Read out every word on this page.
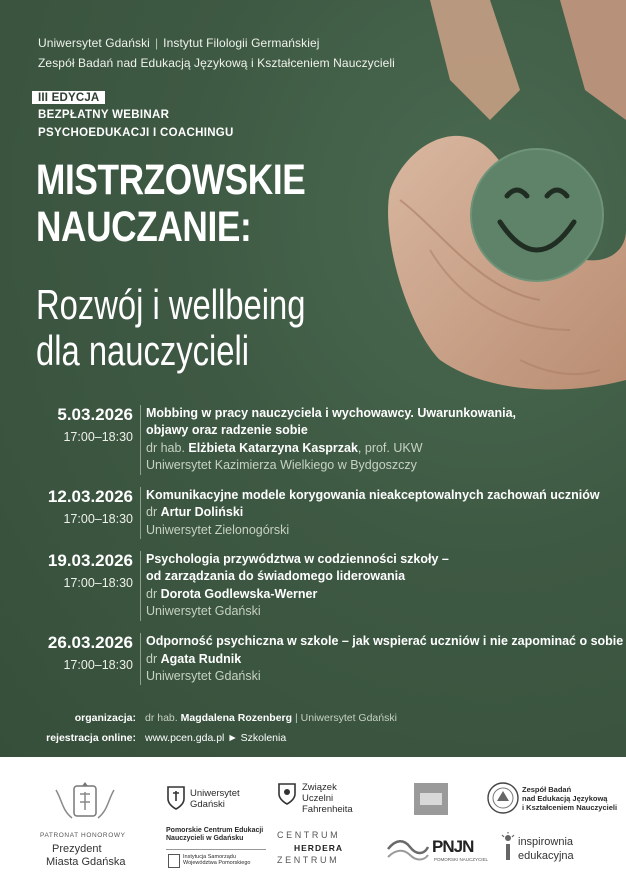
Uniwersytet Gdański | Instytut Filologii Germańskiej
Zespół Badań nad Edukacją Językową i Kształceniem Nauczycieli
III EDYCJA
BEZPŁATNY WEBINAR
PSYCHOEDUKACJI I COACHINGU
MISTRZOWSKIE
NAUCZANIE:
Rozwój i wellbeing
dla nauczycieli
5.03.2026
17:00–18:30
Mobbing w pracy nauczyciela i wychowawcy. Uwarunkowania,
objawy oraz radzenie sobie
dr hab. Elżbieta Katarzyna Kasprzak, prof. UKW
Uniwersytet Kazimierza Wielkiego w Bydgoszczy
12.03.2026
17:00–18:30
Komunikacyjne modele korygowania nieakceptowalnych zachowań uczniów
dr Artur Doliński
Uniwersytet Zielonogórski
19.03.2026
17:00–18:30
Psychologia przywództwa w codzienności szkoły –
od zarządzania do świadomego liderowania
dr Dorota Godlewska-Werner
Uniwersytet Gdański
26.03.2026
17:00–18:30
Odporność psychiczna w szkole – jak wspierać uczniów i nie zapominać o sobie
dr Agata Rudnik
Uniwersytet Gdański
organizacja: dr hab. Magdalena Rozenberg | Uniwersytet Gdański
rejestracja online: www.pcen.gda.pl ► Szkolenia
PATRONAT HONOROWY
Prezydent
Miasta Gdańska
Uniwersytet
Gdański
Związek
Uczelni
Fahrenheita
Zespół Badań
nad Edukacją Językową
i Kształceniem Nauczycieli
Pomorskie Centrum Edukacji
Nauczycieli w Gdańsku
Instytucja Samorządu
Województwa Pomorskiego
CENTRUM
HERDERA
ZENTRUM
PNJN
POMORSKI NAUCZYCIEL
inspirownia
edukacyjna
